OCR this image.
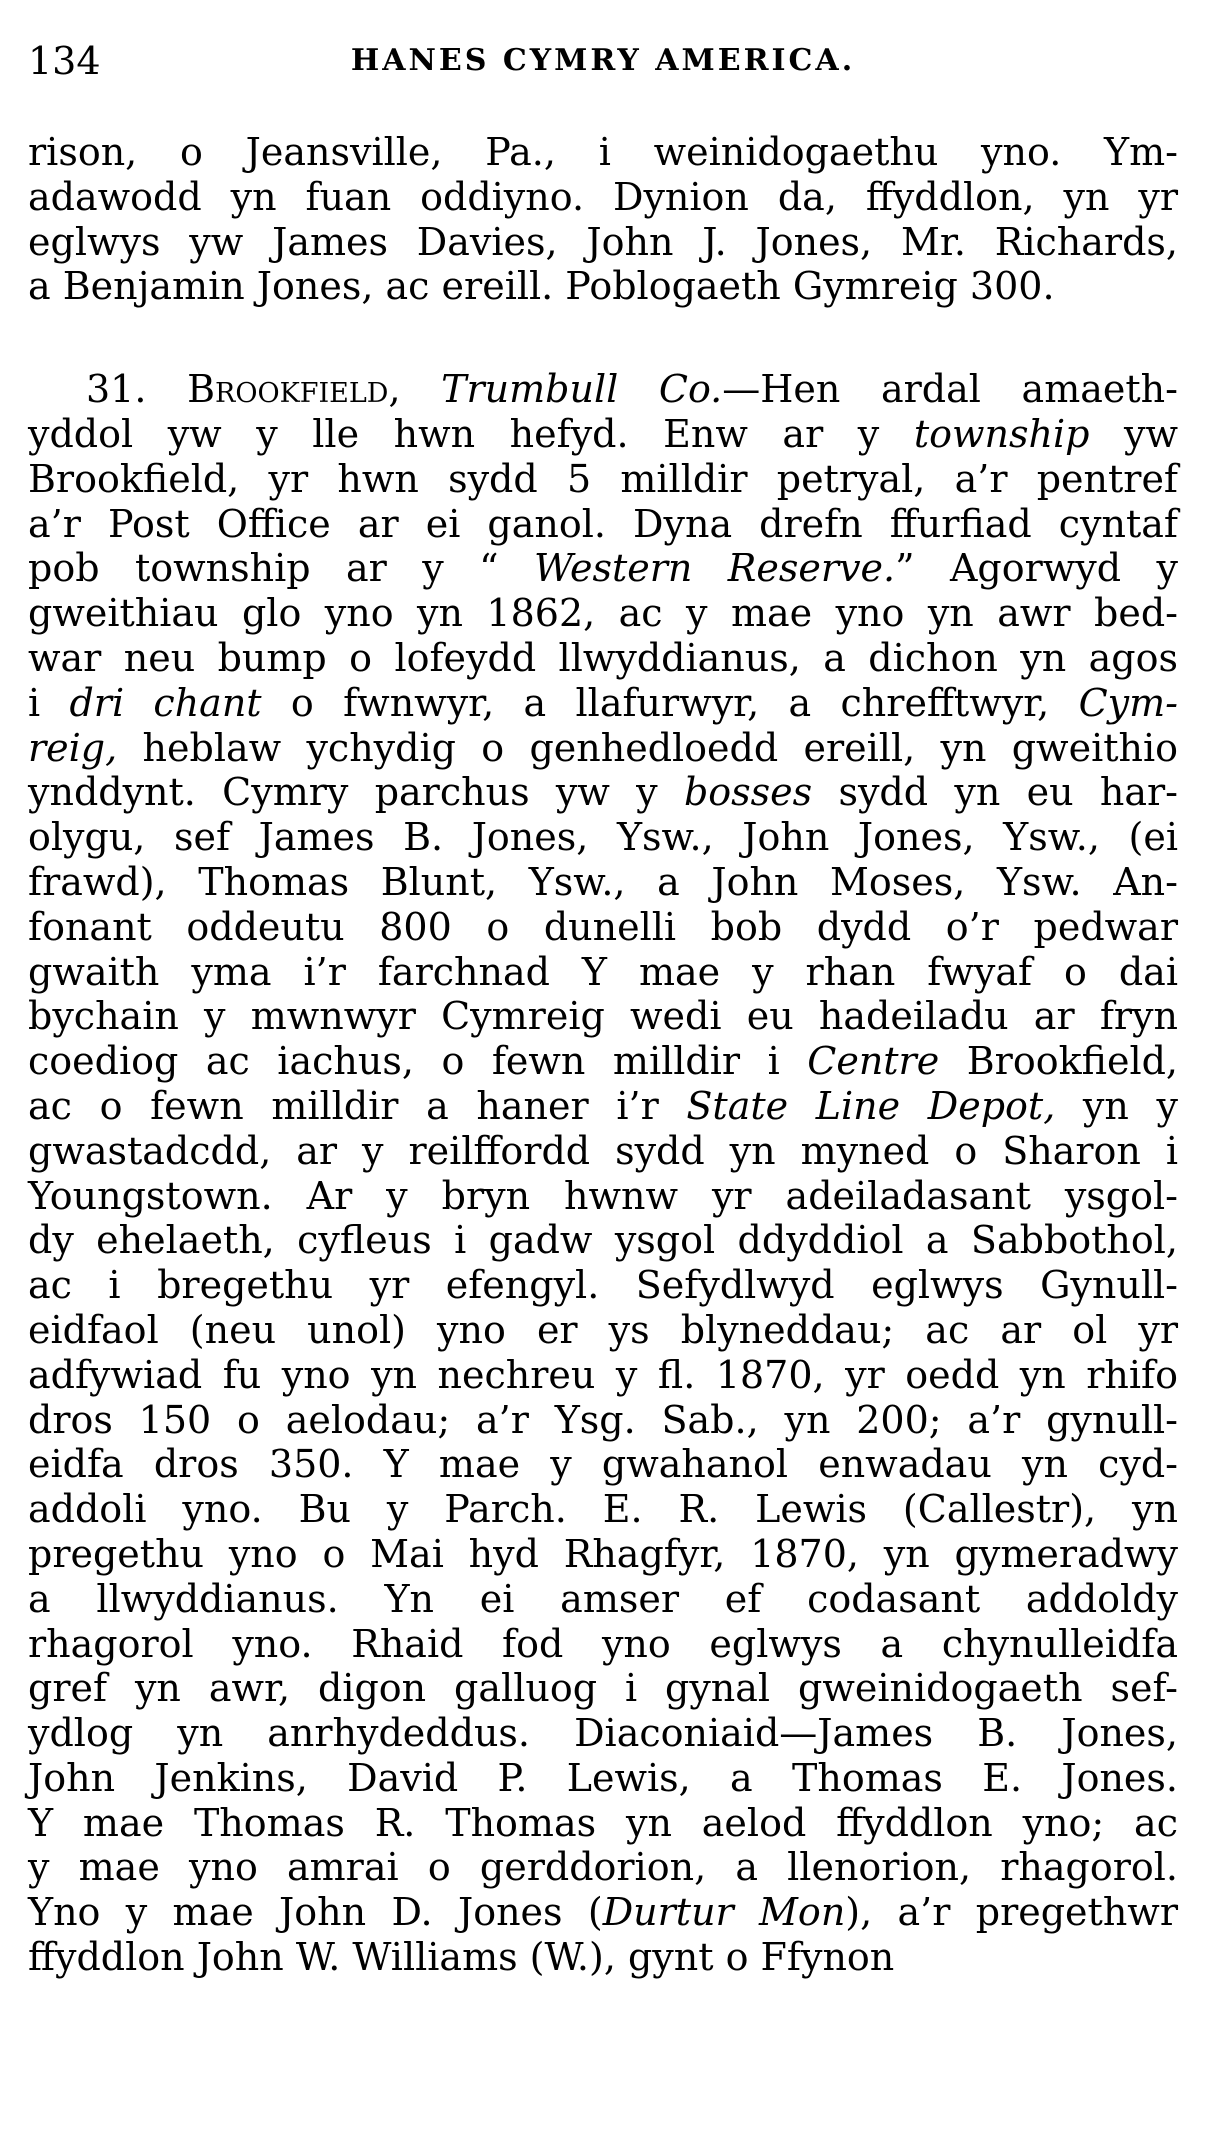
134	HANES CYMRY AMERICA.
rison, o Jeansville, Pa., i weinidogaethu yno. Ym-
adawodd yn fuan oddiyno. Dynion da, ffyddlon, yn yr
eglwys yw James Davies, John J. Jones, Mr. Richards,
a Benjamin Jones, ac ereill. Poblogaeth Gymreig 300.
31. Brookfield, Trumbull Co.—Hen ardal amaeth-
yddol yw y lle hwn hefyd. Enw ar y township yw
Brookfield, yr hwn sydd 5 milldir petryal, a’r pentref
a’r Post Office ar ei ganol. Dyna drefn ffurfiad cyntaf
pob township ar y “ Western Reserve.” Agorwyd y
gweithiau glo yno yn 1862, ac y mae yno yn awr bed-
war neu bump o lofeydd llwyddianus, a dichon yn agos
i dri chant o fwnwyr, a llafurwyr, a chrefftwyr, Cym-
reig, heblaw ychydig o genhedloedd ereill, yn gweithio
ynddynt. Cymry parchus yw y bosses sydd yn eu har-
olygu, sef James B. Jones, Ysw., John Jones, Ysw., (ei
frawd), Thomas Blunt, Ysw., a John Moses, Ysw. An-
fonant oddeutu 800 o dunelli bob dydd o’r pedwar
gwaith yma i’r farchnad Y mae y rhan fwyaf o dai
bychain y mwnwyr Cymreig wedi eu hadeiladu ar fryn
coediog ac iachus, o fewn milldir i Centre Brookfield,
ac o fewn milldir a haner i’r State Line Depot, yn y
gwastadcdd, ar y reilffordd sydd yn myned o Sharon i
Youngstown. Ar y bryn hwnw yr adeiladasant ysgol-
dy ehelaeth, cyfleus i gadw ysgol ddyddiol a Sabbothol,
ac i bregethu yr efengyl. Sefydlwyd eglwys Gynull-
eidfaol (neu unol) yno er ys blyneddau; ac ar ol yr
adfywiad fu yno yn nechreu y fl. 1870, yr oedd yn rhifo
dros 150 o aelodau; a’r Ysg. Sab., yn 200; a’r gynull-
eidfa dros 350. Y mae y gwahanol enwadau yn cyd-
addoli yno. Bu y Parch. E. R. Lewis (Callestr), yn
pregethu yno o Mai hyd Rhagfyr, 1870, yn gymeradwy
a llwyddianus. Yn ei amser ef codasant addoldy
rhagorol yno. Rhaid fod yno eglwys a chynulleidfa
gref yn awr, digon galluog i gynal gweinidogaeth sef-
ydlog yn anrhydeddus. Diaconiaid—James B. Jones,
John Jenkins, David P. Lewis, a Thomas E. Jones.
Y mae Thomas R. Thomas yn aelod ffyddlon yno; ac
y mae yno amrai o gerddorion, a llenorion, rhagorol.
Yno y mae John D. Jones (Durtur Mon), a’r pregethwr
ffyddlon John W. Williams (W.), gynt o Ffynon
